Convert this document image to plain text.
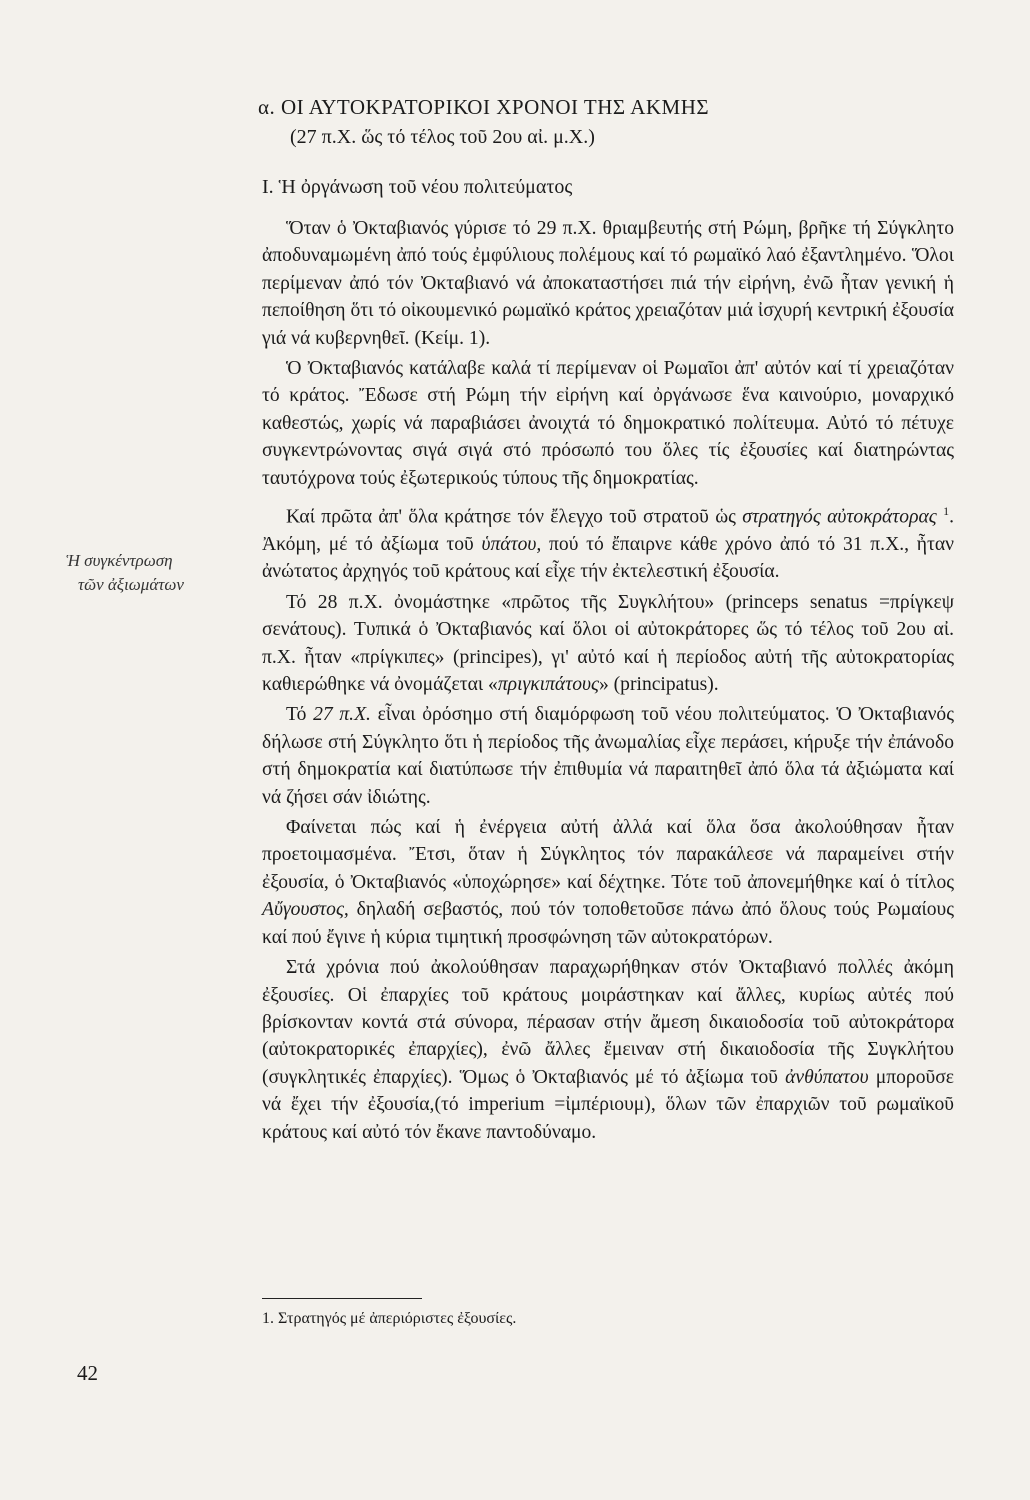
α. ΟΙ ΑΥΤΟΚΡΑΤΟΡΙΚΟΙ ΧΡΟΝΟΙ ΤΗΣ ΑΚΜΗΣ
(27 π.Χ. ὥς τό τέλος τοῦ 2ου αἰ. μ.Χ.)
Ι. Ἡ ὀργάνωση τοῦ νέου πολιτεύματος
Ἡ συγκέντρωση
τῶν ἀξιωμάτων

Ὅταν ὁ Ὀκταβιανός γύρισε τό 29 π.Χ. θριαμβευτής στή Ρώμη, βρῆκε τή Σύγκλητο ἀποδυναμωμένη ἀπό τούς ἐμφύλιους πολέμους καί τό ρωμαϊκό λαό ἐξαντλημένο. Ὅλοι περίμεναν ἀπό τόν Ὀκταβιανό νά ἀποκαταστήσει πιά τήν εἰρήνη, ἐνῶ ἦταν γενική ἡ πεποίθηση ὅτι τό οἰκουμενικό ρωμαϊκό κράτος χρειαζόταν μιά ἰσχυρή κεντρική ἐξουσία γιά νά κυβερνηθεῖ. (Κείμ. 1).

Ὁ Ὀκταβιανός κατάλαβε καλά τί περίμεναν οἱ Ρωμαῖοι ἀπ' αὐτόν καί τί χρειαζόταν τό κράτος. Ἔδωσε στή Ρώμη τήν εἰρήνη καί ὀργάνωσε ἕνα καινούριο, μοναρχικό καθεστώς, χωρίς νά παραβιάσει ἀνοιχτά τό δημοκρατικό πολίτευμα. Αὐτό τό πέτυχε συγκεντρώνοντας σιγά σιγά στό πρόσωπό του ὅλες τίς ἐξουσίες καί διατηρώντας ταυτόχρονα τούς ἐξωτερικούς τύπους τῆς δημοκρατίας.

Καί πρῶτα ἀπ' ὅλα κράτησε τόν ἔλεγχο τοῦ στρατοῦ ὡς στρατηγός αὐτοκράτορας $^1$. Ἀκόμη, μέ τό ἀξίωμα τοῦ ὑπάτου, πού τό ἔπαιρνε κάθε χρόνο ἀπό τό 31 π.Χ., ἦταν ἀνώτατος ἀρχηγός τοῦ κράτους καί εἶχε τήν ἐκτελεστική ἐξουσία.

Τό 28 π.Χ. ὀνομάστηκε «πρῶτος τῆς Συγκλήτου» (princeps senatus =πρίγκεψ σενάτους). Τυπικά ὁ Ὀκταβιανός καί ὅλοι οἱ αὐτοκράτορες ὥς τό τέλος τοῦ 2ου αἰ. π.Χ. ἦταν «πρίγκιπες» (principes), γι' αὐτό καί ἡ περίοδος αὐτή τῆς αὐτοκρατορίας καθιερώθηκε νά ὀνομάζεται «πριγκιπάτους» (principatus).

Τό 27 π.Χ. εἶναι ὀρόσημο στή διαμόρφωση τοῦ νέου πολιτεύματος. Ὁ Ὀκταβιανός δήλωσε στή Σύγκλητο ὅτι ἡ περίοδος τῆς ἀνωμαλίας εἶχε περάσει, κήρυξε τήν ἐπάνοδο στή δημοκρατία καί διατύπωσε τήν ἐπιθυμία νά παραιτηθεῖ ἀπό ὅλα τά ἀξιώματα καί νά ζήσει σάν ἰδιώτης.

Φαίνεται πώς καί ἡ ἐνέργεια αὐτή ἀλλά καί ὅλα ὅσα ἀκολούθησαν ἦταν προετοιμασμένα. Ἔτσι, ὅταν ἡ Σύγκλητος τόν παρακάλεσε νά παραμείνει στήν ἐξουσία, ὁ Ὀκταβιανός «ὑποχώρησε» καί δέχτηκε. Τότε τοῦ ἀπονεμήθηκε καί ὁ τίτλος Αὔγουστος, δηλαδή σεβαστός, πού τόν τοποθετοῦσε πάνω ἀπό ὅλους τούς Ρωμαίους καί πού ἔγινε ἡ κύρια τιμητική προσφώνηση τῶν αὐτοκρατόρων.

Στά χρόνια πού ἀκολούθησαν παραχωρήθηκαν στόν Ὀκταβιανό πολλές ἀκόμη ἐξουσίες. Οἱ ἐπαρχίες τοῦ κράτους μοιράστηκαν καί ἄλλες, κυρίως αὐτές πού βρίσκονταν κοντά στά σύνορα, πέρασαν στήν ἄμεση δικαιοδοσία τοῦ αὐτοκράτορα (αὐτοκρατορικές ἐπαρχίες), ἐνῶ ἄλλες ἔμειναν στή δικαιοδοσία τῆς Συγκλήτου (συγκλητικές ἐπαρχίες). Ὅμως ὁ Ὀκταβιανός μέ τό ἀξίωμα τοῦ ἀνθύπατου μποροῦσε νά ἔχει τήν ἐξουσία,(τό imperium =ἰμπέριουμ), ὅλων τῶν ἐπαρχιῶν τοῦ ρωμαϊκοῦ κράτους καί αὐτό τόν ἔκανε παντοδύναμο.

1. Στρατηγός μέ ἀπεριόριστες ἐξουσίες.
42
